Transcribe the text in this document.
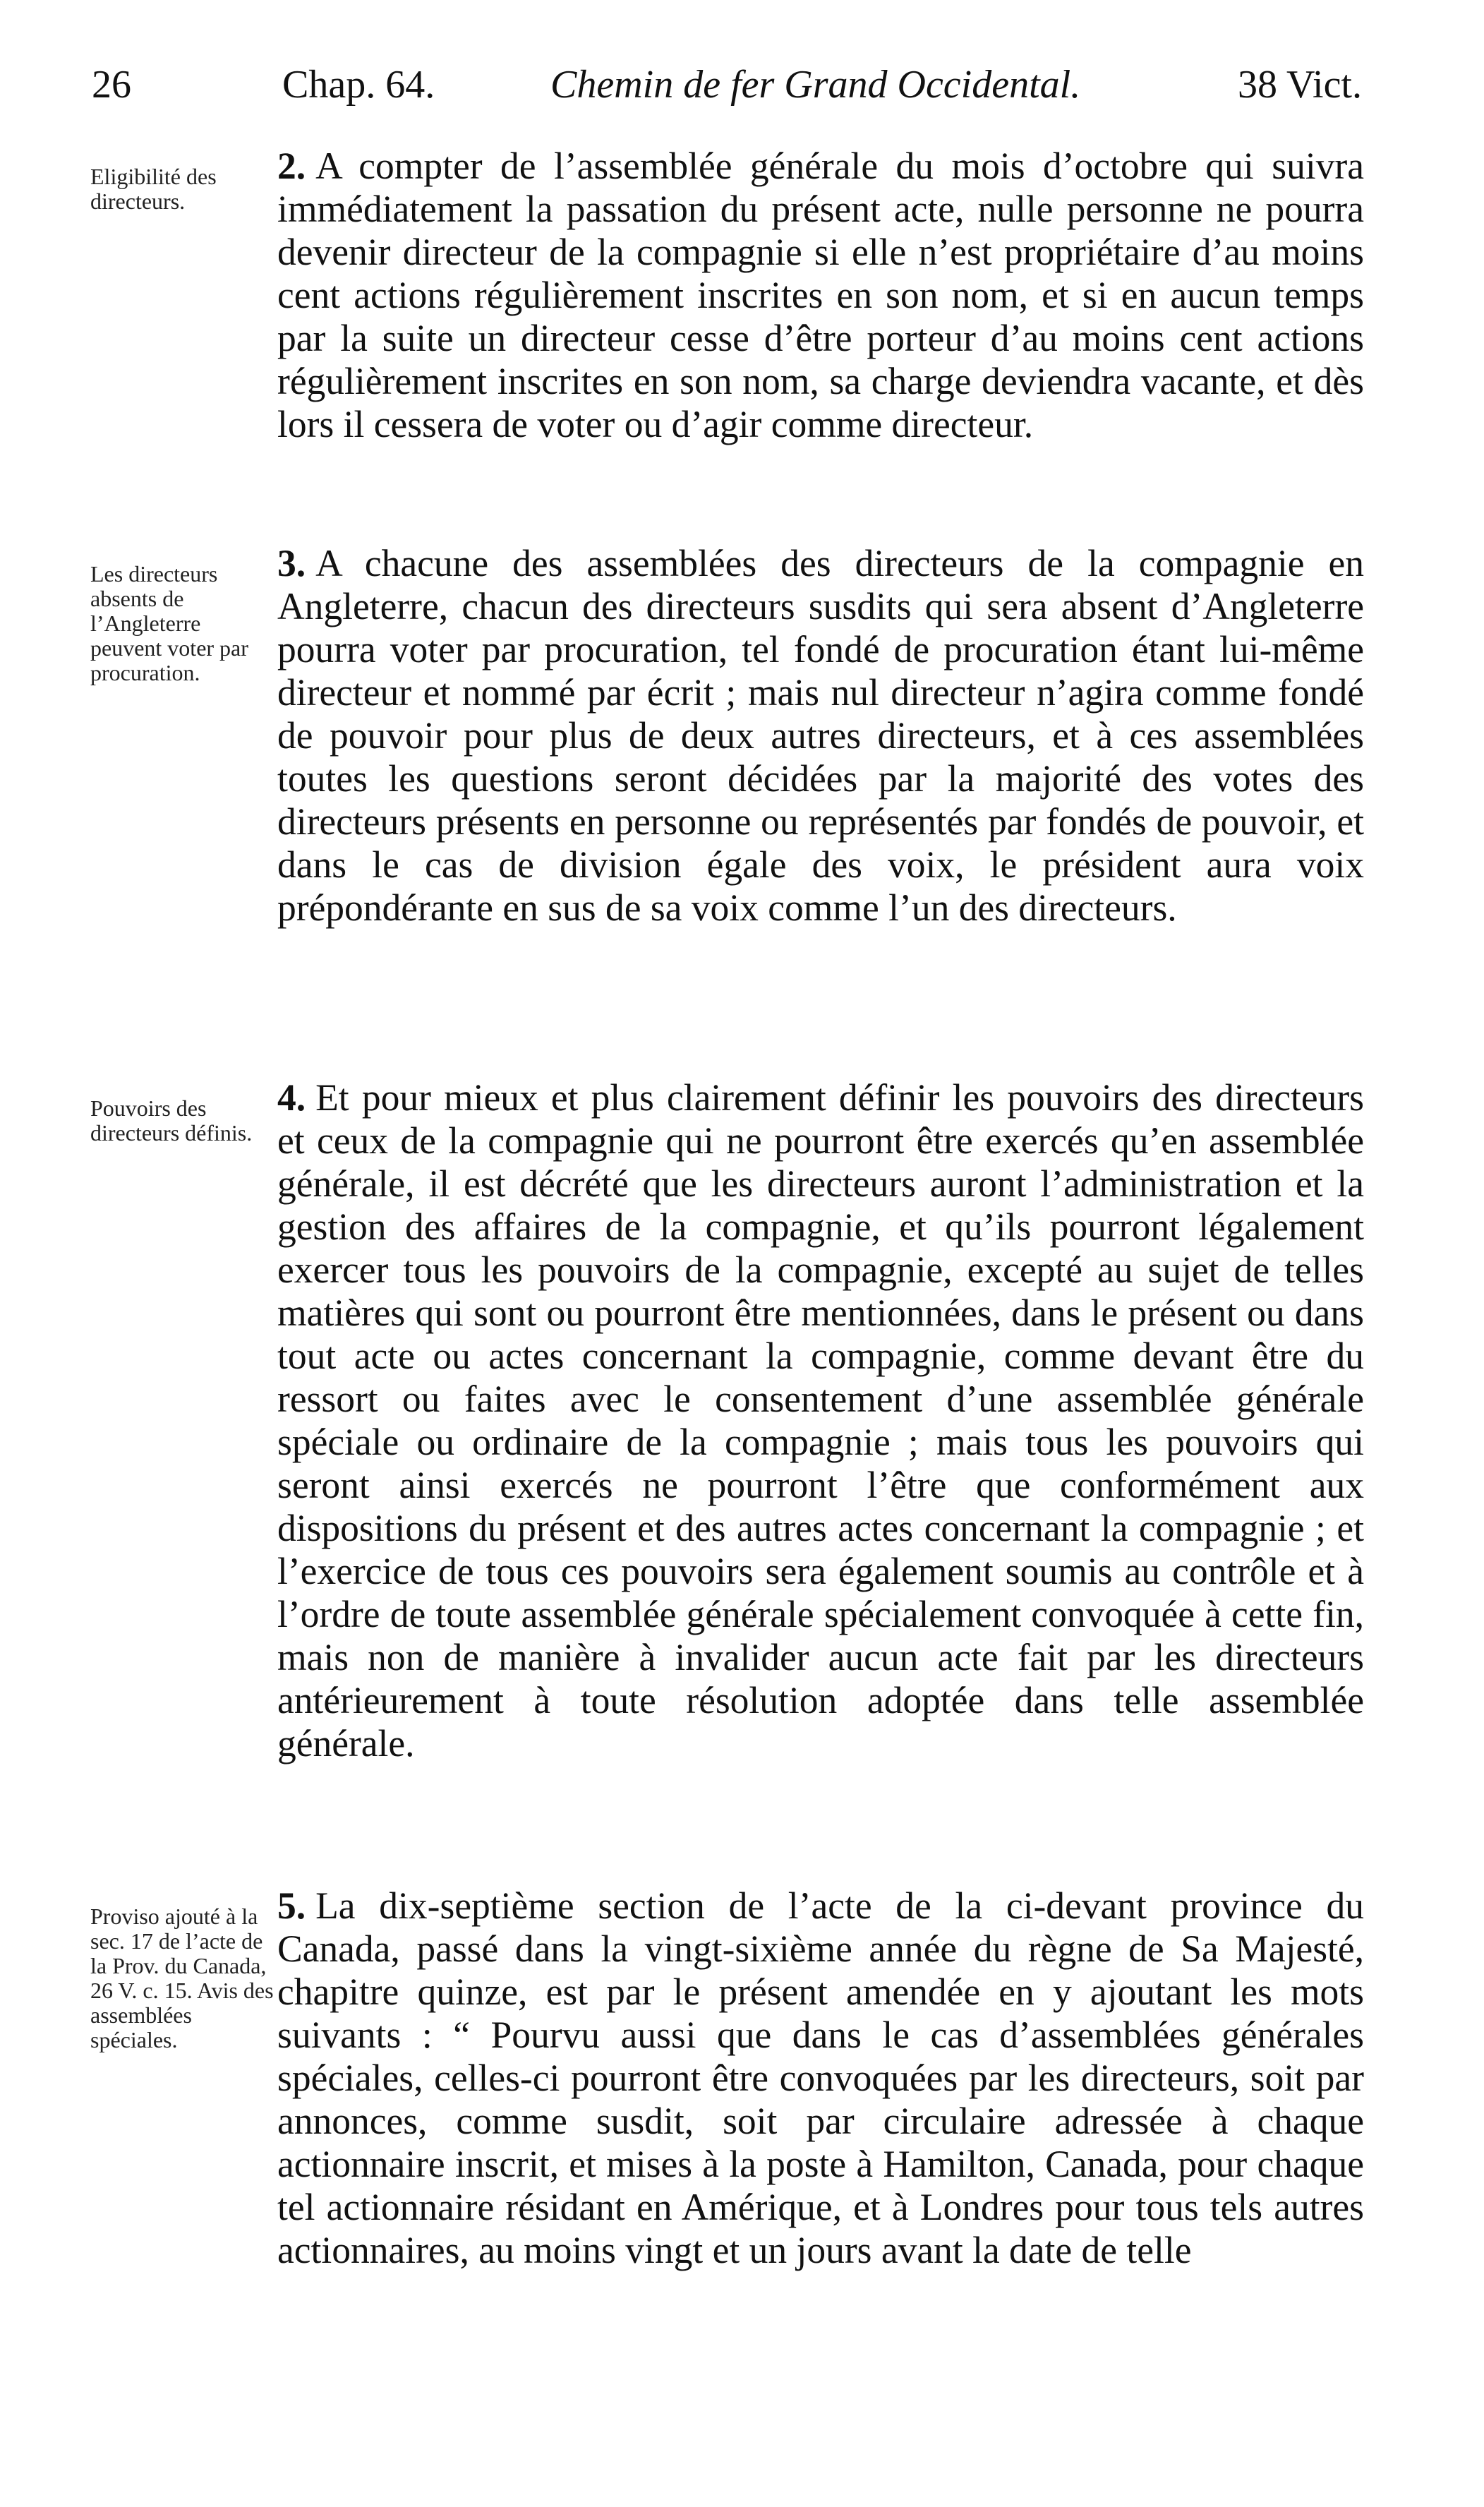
26	Chap. 64.	Chemin de fer Grand Occidental.	38 Vict.
Eligibilité des directeurs.

2. A compter de l’assemblée générale du mois d’octobre qui suivra immédiatement la passation du présent acte, nulle personne ne pourra devenir directeur de la compagnie si elle n’est propriétaire d’au moins cent actions régulièrement inscrites en son nom, et si en aucun temps par la suite un directeur cesse d’être porteur d’au moins cent actions régulièrement inscrites en son nom, sa charge deviendra vacante, et dès lors il cessera de voter ou d’agir comme directeur.

Les directeurs absents de l’Angleterre peuvent voter par procuration.

3. A chacune des assemblées des directeurs de la compagnie en Angleterre, chacun des directeurs susdits qui sera absent d’Angleterre pourra voter par procuration, tel fondé de procuration étant lui-même directeur et nommé par écrit ; mais nul directeur n’agira comme fondé de pouvoir pour plus de deux autres directeurs, et à ces assemblées toutes les questions seront décidées par la majorité des votes des directeurs présents en personne ou représentés par fondés de pouvoir, et dans le cas de division égale des voix, le président aura voix prépondérante en sus de sa voix comme l’un des directeurs.

Pouvoirs des directeurs définis.

4. Et pour mieux et plus clairement définir les pouvoirs des directeurs et ceux de la compagnie qui ne pourront être exercés qu’en assemblée générale, il est décrété que les directeurs auront l’administration et la gestion des affaires de la compagnie, et qu’ils pourront légalement exercer tous les pouvoirs de la compagnie, excepté au sujet de telles matières qui sont ou pourront être mentionnées, dans le présent ou dans tout acte ou actes concernant la compagnie, comme devant être du ressort ou faites avec le consentement d’une assemblée générale spéciale ou ordinaire de la compagnie ; mais tous les pouvoirs qui seront ainsi exercés ne pourront l’être que conformément aux dispositions du présent et des autres actes concernant la compagnie ; et l’exercice de tous ces pouvoirs sera également soumis au contrôle et à l’ordre de toute assemblée générale spécialement convoquée à cette fin, mais non de manière à invalider aucun acte fait par les directeurs antérieurement à toute résolution adoptée dans telle assemblée générale.

Proviso ajouté à la sec. 17 de l’acte de la Prov. du Canada, 26 V. c. 15. Avis des assemblées spéciales.

5. La dix-septième section de l’acte de la ci-devant province du Canada, passé dans la vingt-sixième année du règne de Sa Majesté, chapitre quinze, est par le présent amendée en y ajoutant les mots suivants : “ Pourvu aussi que dans le cas d’assemblées générales spéciales, celles-ci pourront être convoquées par les directeurs, soit par annonces, comme susdit, soit par circulaire adressée à chaque actionnaire inscrit, et mises à la poste à Hamilton, Canada, pour chaque tel actionnaire résidant en Amérique, et à Londres pour tous tels autres actionnaires, au moins vingt et un jours avant la date de telle
